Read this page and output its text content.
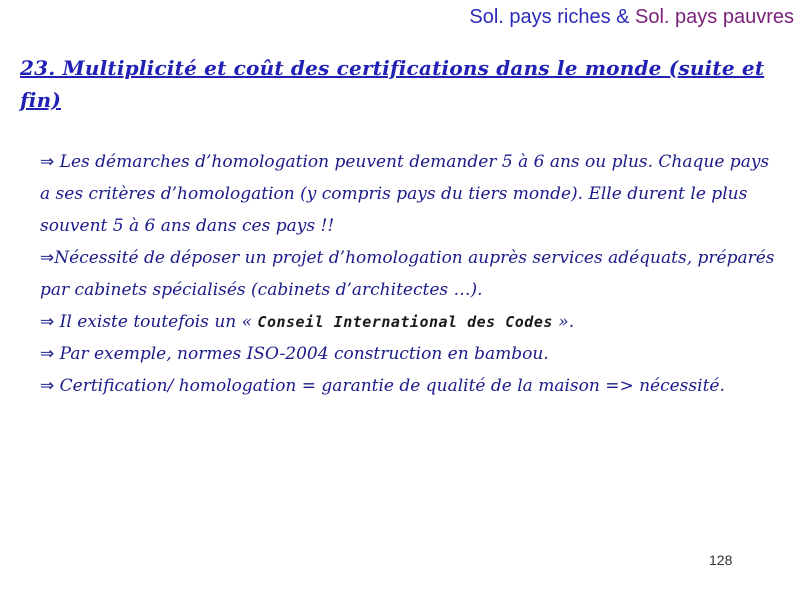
Sol. pays riches & Sol. pays pauvres
23. Multiplicité et coût des certifications dans le monde (suite et fin)

⇒ Les démarches d’homologation peuvent demander 5 à 6 ans ou plus. Chaque pays a ses critères d’homologation (y compris pays du tiers monde). Elle durent le plus souvent 5 à 6 ans dans ces pays !!

⇒Nécessité de déposer un projet d’homologation auprès services adéquats, préparés par cabinets spécialisés (cabinets d’architectes …).

⇒ Il existe toutefois un « Conseil International des Codes ».

⇒ Par exemple, normes ISO-2004 construction en bambou.

⇒ Certification/ homologation = garantie de qualité de la maison => nécessité.

128
